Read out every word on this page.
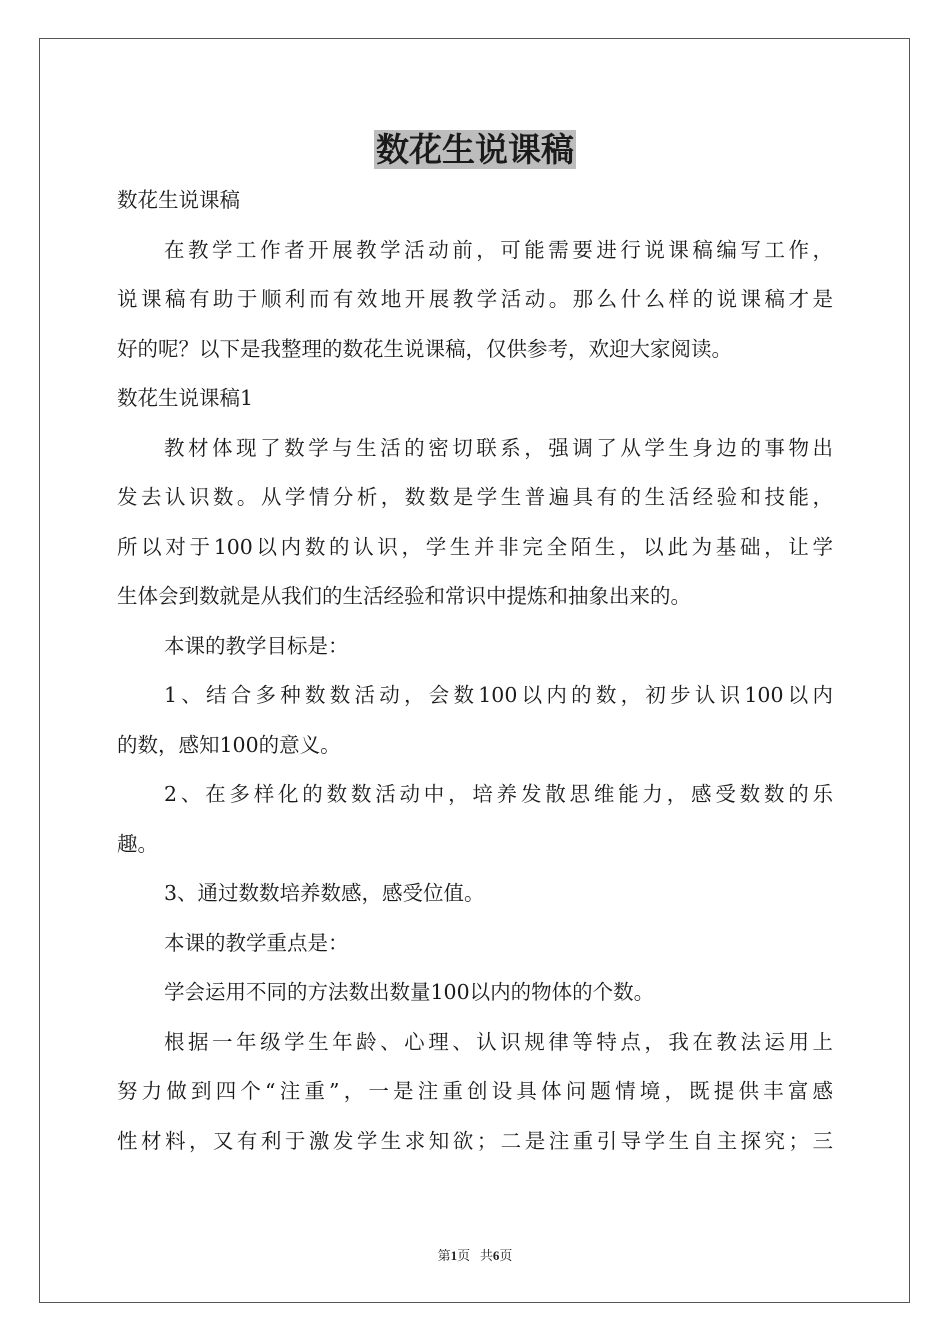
数花生说课稿
数花生说课稿
在教学工作者开展教学活动前，可能需要进行说课稿编写工作，
说课稿有助于顺利而有效地开展教学活动。那么什么样的说课稿才是
好的呢？以下是我整理的数花生说课稿，仅供参考，欢迎大家阅读。
数花生说课稿1
教材体现了数学与生活的密切联系，强调了从学生身边的事物出
发去认识数。从学情分析，数数是学生普遍具有的生活经验和技能，
所以对于100以内数的认识，学生并非完全陌生，以此为基础，让学
生体会到数就是从我们的生活经验和常识中提炼和抽象出来的。
本课的教学目标是：
1、结合多种数数活动，会数100以内的数，初步认识100以内
的数，感知100的意义。
2、在多样化的数数活动中，培养发散思维能力，感受数数的乐
趣。
3、通过数数培养数感，感受位值。
本课的教学重点是：
学会运用不同的方法数出数量100以内的物体的个数。
根据一年级学生年龄、心理、认识规律等特点，我在教法运用上
努力做到四个“注重”，一是注重创设具体问题情境，既提供丰富感
性材料，又有利于激发学生求知欲；二是注重引导学生自主探究；三
第1页 共6页
